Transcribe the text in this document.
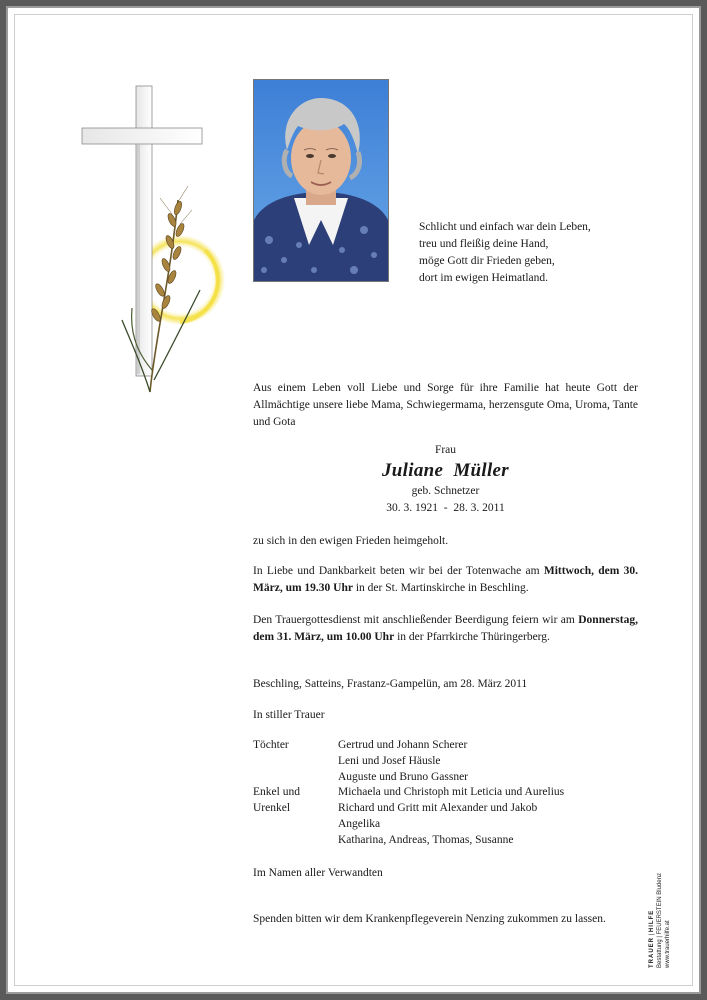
Schlicht und einfach war dein Leben,
treu und fleißig deine Hand,
möge Gott dir Frieden geben,
dort im ewigen Heimatland.
Aus einem Leben voll Liebe und Sorge für ihre Familie hat heute Gott der Allmächtige unsere liebe Mama, Schwiegermama, herzensgute Oma, Uroma, Tante und Gota
Frau
Juliane  Müller
geb. Schnetzer
30. 3. 1921  -  28. 3. 2011
zu sich in den ewigen Frieden heimgeholt.
In Liebe und Dankbarkeit beten wir bei der Totenwache am Mittwoch, dem 30. März, um 19.30 Uhr in der St. Martinskirche in Beschling.
Den Trauergottesdienst mit anschließender Beerdigung feiern wir am Donnerstag, dem 31. März, um 10.00 Uhr in der Pfarrkirche Thüringerberg.
Beschling, Satteins, Frastanz-Gampelün, am 28. März 2011
In stiller Trauer
Töchter	Gertrud und Johann Scherer
Leni und Josef Häusle
Auguste und Bruno Gassner
Enkel und	Michaela und Christoph mit Leticia und Aurelius
Urenkel	Richard und Gritt mit Alexander und Jakob
Angelika
Katharina, Andreas, Thomas, Susanne
Im Namen aller Verwandten
Spenden bitten wir dem Krankenpflegeverein Nenzing zukommen zu lassen.
TRAUER | HILFE
Bestattung | FEUERSTEIN Bludenz
www.trauerhilfe.at
